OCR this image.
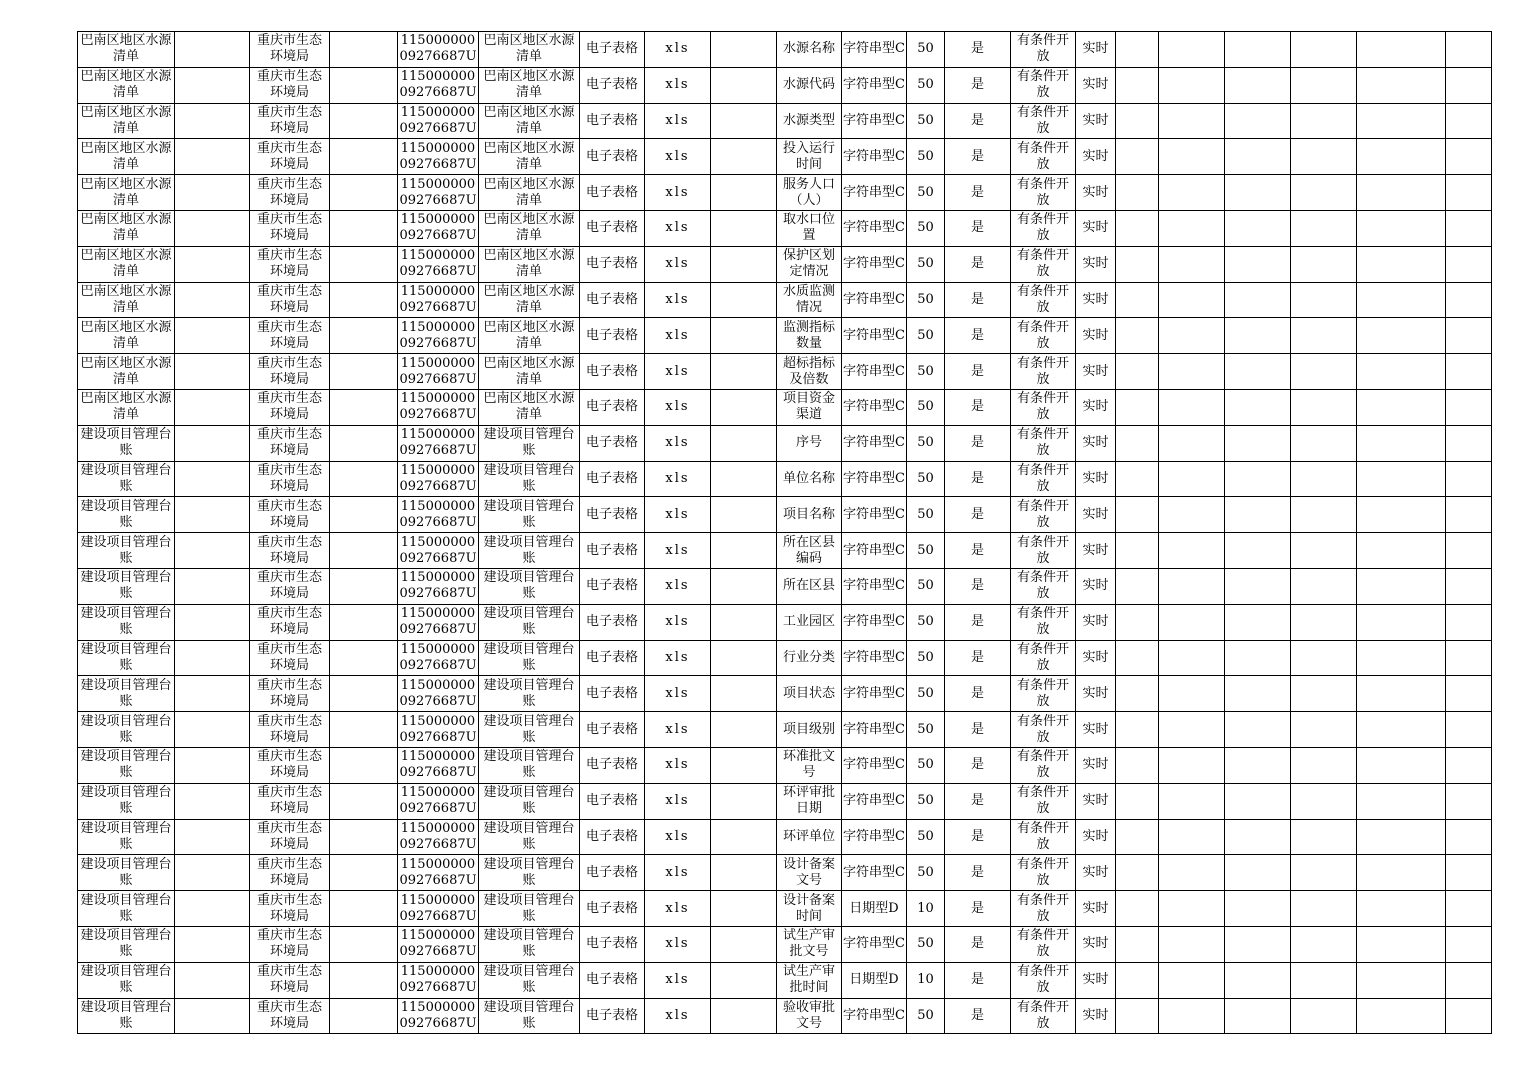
巴南区地区水源清单		重庆市生态环境局		11500000009276687U	巴南区地区水源清单	电子表格	xls		水源名称	字符串型C	50	是	有条件开放	实时						
巴南区地区水源清单		重庆市生态环境局		11500000009276687U	巴南区地区水源清单	电子表格	xls		水源代码	字符串型C	50	是	有条件开放	实时						
巴南区地区水源清单		重庆市生态环境局		11500000009276687U	巴南区地区水源清单	电子表格	xls		水源类型	字符串型C	50	是	有条件开放	实时						
巴南区地区水源清单		重庆市生态环境局		11500000009276687U	巴南区地区水源清单	电子表格	xls		投入运行时间	字符串型C	50	是	有条件开放	实时						
巴南区地区水源清单		重庆市生态环境局		11500000009276687U	巴南区地区水源清单	电子表格	xls		服务人口（人）	字符串型C	50	是	有条件开放	实时						
巴南区地区水源清单		重庆市生态环境局		11500000009276687U	巴南区地区水源清单	电子表格	xls		取水口位置	字符串型C	50	是	有条件开放	实时						
巴南区地区水源清单		重庆市生态环境局		11500000009276687U	巴南区地区水源清单	电子表格	xls		保护区划定情况	字符串型C	50	是	有条件开放	实时						
巴南区地区水源清单		重庆市生态环境局		11500000009276687U	巴南区地区水源清单	电子表格	xls		水质监测情况	字符串型C	50	是	有条件开放	实时						
巴南区地区水源清单		重庆市生态环境局		11500000009276687U	巴南区地区水源清单	电子表格	xls		监测指标数量	字符串型C	50	是	有条件开放	实时						
巴南区地区水源清单		重庆市生态环境局		11500000009276687U	巴南区地区水源清单	电子表格	xls		超标指标及倍数	字符串型C	50	是	有条件开放	实时						
巴南区地区水源清单		重庆市生态环境局		11500000009276687U	巴南区地区水源清单	电子表格	xls		项目资金渠道	字符串型C	50	是	有条件开放	实时						
建设项目管理台账		重庆市生态环境局		11500000009276687U	建设项目管理台账	电子表格	xls		序号	字符串型C	50	是	有条件开放	实时						
建设项目管理台账		重庆市生态环境局		11500000009276687U	建设项目管理台账	电子表格	xls		单位名称	字符串型C	50	是	有条件开放	实时						
建设项目管理台账		重庆市生态环境局		11500000009276687U	建设项目管理台账	电子表格	xls		项目名称	字符串型C	50	是	有条件开放	实时						
建设项目管理台账		重庆市生态环境局		11500000009276687U	建设项目管理台账	电子表格	xls		所在区县编码	字符串型C	50	是	有条件开放	实时						
建设项目管理台账		重庆市生态环境局		11500000009276687U	建设项目管理台账	电子表格	xls		所在区县	字符串型C	50	是	有条件开放	实时						
建设项目管理台账		重庆市生态环境局		11500000009276687U	建设项目管理台账	电子表格	xls		工业园区	字符串型C	50	是	有条件开放	实时						
建设项目管理台账		重庆市生态环境局		11500000009276687U	建设项目管理台账	电子表格	xls		行业分类	字符串型C	50	是	有条件开放	实时						
建设项目管理台账		重庆市生态环境局		11500000009276687U	建设项目管理台账	电子表格	xls		项目状态	字符串型C	50	是	有条件开放	实时						
建设项目管理台账		重庆市生态环境局		11500000009276687U	建设项目管理台账	电子表格	xls		项目级别	字符串型C	50	是	有条件开放	实时						
建设项目管理台账		重庆市生态环境局		11500000009276687U	建设项目管理台账	电子表格	xls		环准批文号	字符串型C	50	是	有条件开放	实时						
建设项目管理台账		重庆市生态环境局		11500000009276687U	建设项目管理台账	电子表格	xls		环评审批日期	字符串型C	50	是	有条件开放	实时						
建设项目管理台账		重庆市生态环境局		11500000009276687U	建设项目管理台账	电子表格	xls		环评单位	字符串型C	50	是	有条件开放	实时						
建设项目管理台账		重庆市生态环境局		11500000009276687U	建设项目管理台账	电子表格	xls		设计备案文号	字符串型C	50	是	有条件开放	实时						
建设项目管理台账		重庆市生态环境局		11500000009276687U	建设项目管理台账	电子表格	xls		设计备案时间	日期型D	10	是	有条件开放	实时						
建设项目管理台账		重庆市生态环境局		11500000009276687U	建设项目管理台账	电子表格	xls		试生产审批文号	字符串型C	50	是	有条件开放	实时						
建设项目管理台账		重庆市生态环境局		11500000009276687U	建设项目管理台账	电子表格	xls		试生产审批时间	日期型D	10	是	有条件开放	实时						
建设项目管理台账		重庆市生态环境局		11500000009276687U	建设项目管理台账	电子表格	xls		验收审批文号	字符串型C	50	是	有条件开放	实时						
